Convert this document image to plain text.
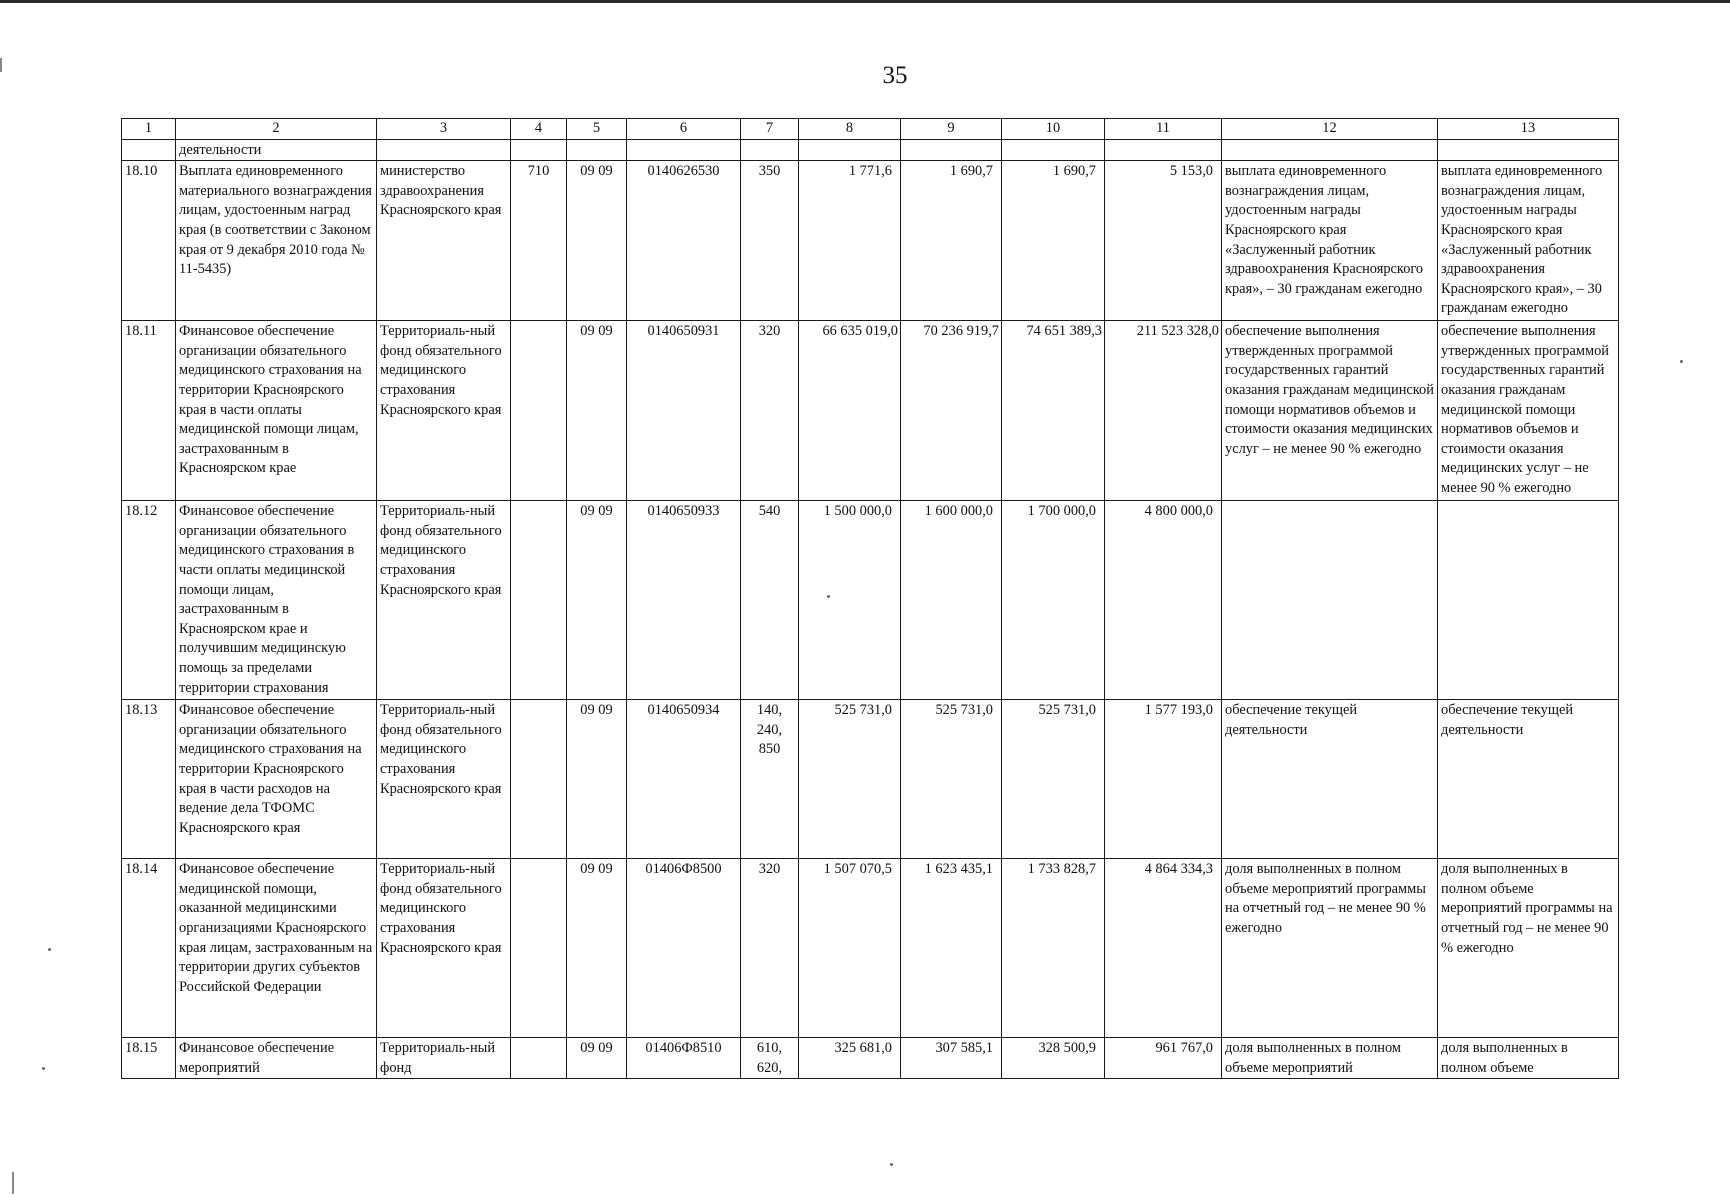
35
1	2	3	4	5	6	7	8	9	10	11	12	13
	деятельности											
18.10	Выплата единовременного материального вознаграждения лицам, удостоенным наград края (в соответствии с Законом края от 9 декабря 2010 года № 11-5435)	министерство здравоохранения Красноярского края	710	09 09	0140626530	350	1 771,6	1 690,7	1 690,7	5 153,0	выплата единовременного вознаграждения лицам, удостоенным награды Красноярского края «Заслуженный работник здравоохранения Красноярского края», – 30 гражданам ежегодно	выплата единовременного вознаграждения лицам, удостоенным награды Красноярского края «Заслуженный работник здравоохранения Красноярского края», – 30 гражданам ежегодно
18.11	Финансовое обеспечение организации обязательного медицинского страхования на территории Красноярского края в части оплаты медицинской помощи лицам, застрахованным в Красноярском крае	Территориаль-ный фонд обязательного медицинского страхования Красноярского края		09 09	0140650931	320	66 635 019,0	70 236 919,7	74 651 389,3	211 523 328,0	обеспечение выполнения утвержденных программой государственных гарантий оказания гражданам медицинской помощи нормативов объемов и стоимости оказания медицинских услуг – не менее 90 % ежегодно	обеспечение выполнения утвержденных программой государственных гарантий оказания гражданам медицинской помощи нормативов объемов и стоимости оказания медицинских услуг – не менее 90 % ежегодно
18.12	Финансовое обеспечение организации обязательного медицинского страхования в части оплаты медицинской помощи лицам, застрахованным в Красноярском крае и получившим медицинскую помощь за пределами территории страхования	Территориаль-ный фонд обязательного медицинского страхования Красноярского края		09 09	0140650933	540	1 500 000,0	1 600 000,0	1 700 000,0	4 800 000,0		
18.13	Финансовое обеспечение организации обязательного медицинского страхования на территории Красноярского края в части расходов на ведение дела ТФОМС Красноярского края	Территориаль-ный фонд обязательного медицинского страхования Красноярского края		09 09	0140650934	140, 240, 850	525 731,0	525 731,0	525 731,0	1 577 193,0	обеспечение текущей деятельности	обеспечение текущей деятельности
18.14	Финансовое обеспечение медицинской помощи, оказанной медицинскими организациями Красноярского края лицам, застрахованным на территории других субъектов Российской Федерации	Территориаль-ный фонд обязательного медицинского страхования Красноярского края		09 09	01406Ф8500	320	1 507 070,5	1 623 435,1	1 733 828,7	4 864 334,3	доля выполненных в полном объеме мероприятий программы на отчетный год – не менее 90 % ежегодно	доля выполненных в полном объеме мероприятий программы на отчетный год – не менее 90 % ежегодно
18.15	Финансовое обеспечение мероприятий	Территориаль-ный фонд		09 09	01406Ф8510	610, 620,	325 681,0	307 585,1	328 500,9	961 767,0	доля выполненных в полном объеме мероприятий	доля выполненных в полном объеме
